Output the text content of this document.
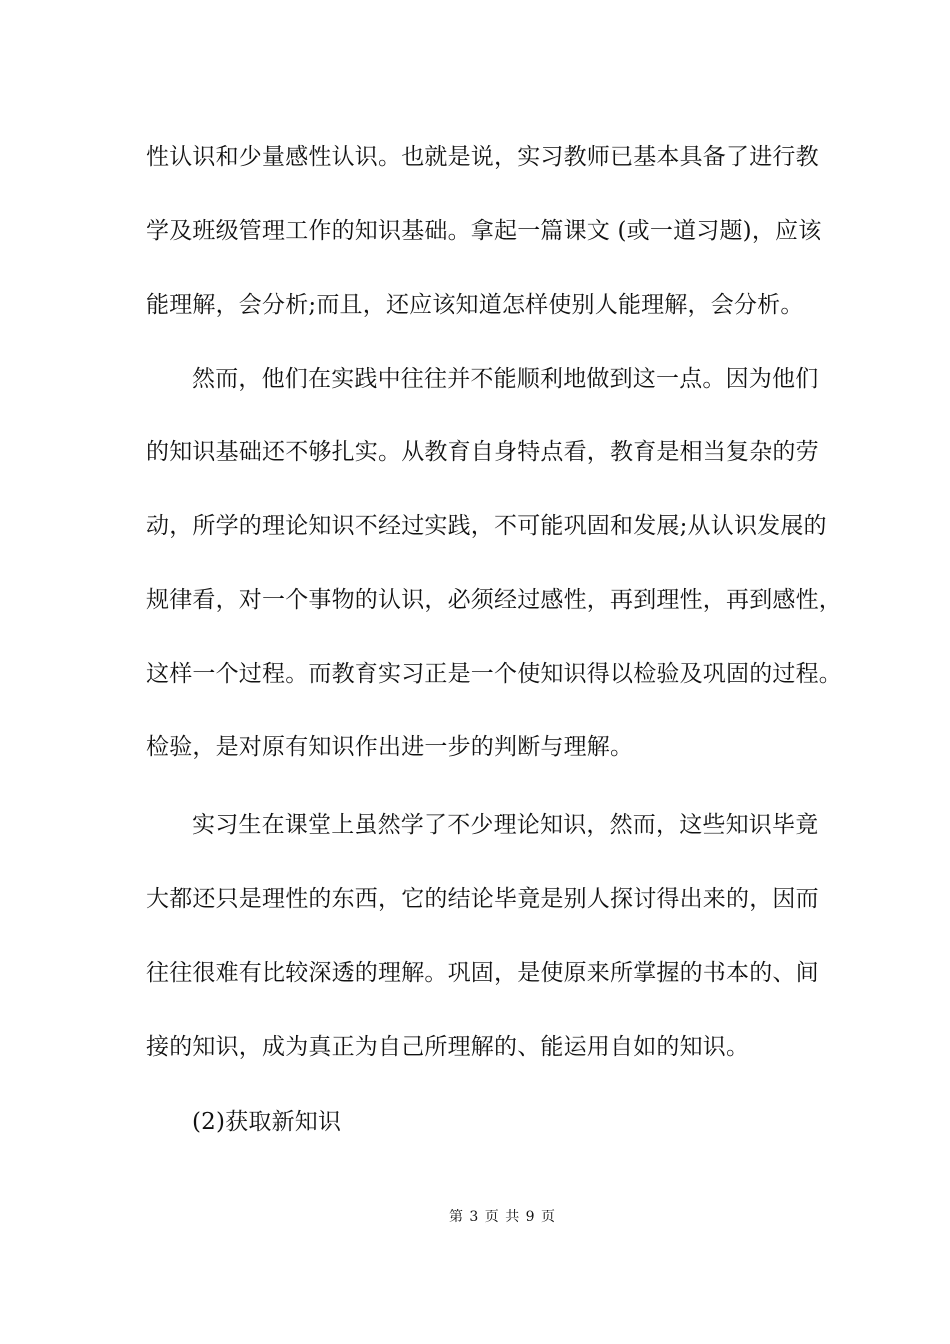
性认识和少量感性认识。也就是说，实习教师已基本具备了进行教
学及班级管理工作的知识基础。拿起一篇课文 (或一道习题)，应该
能理解，会分析;而且，还应该知道怎样使别人能理解，会分析。
然而，他们在实践中往往并不能顺利地做到这一点。因为他们
的知识基础还不够扎实。从教育自身特点看，教育是相当复杂的劳
动，所学的理论知识不经过实践，不可能巩固和发展;从认识发展的
规律看，对一个事物的认识，必须经过感性，再到理性，再到感性，
这样一个过程。而教育实习正是一个使知识得以检验及巩固的过程。
检验，是对原有知识作出进一步的判断与理解。
实习生在课堂上虽然学了不少理论知识，然而，这些知识毕竟
大都还只是理性的东西，它的结论毕竟是别人探讨得出来的，因而
往往很难有比较深透的理解。巩固，是使原来所掌握的书本的、间
接的知识，成为真正为自己所理解的、能运用自如的知识。
(2)获取新知识
第 3 页 共 9 页
